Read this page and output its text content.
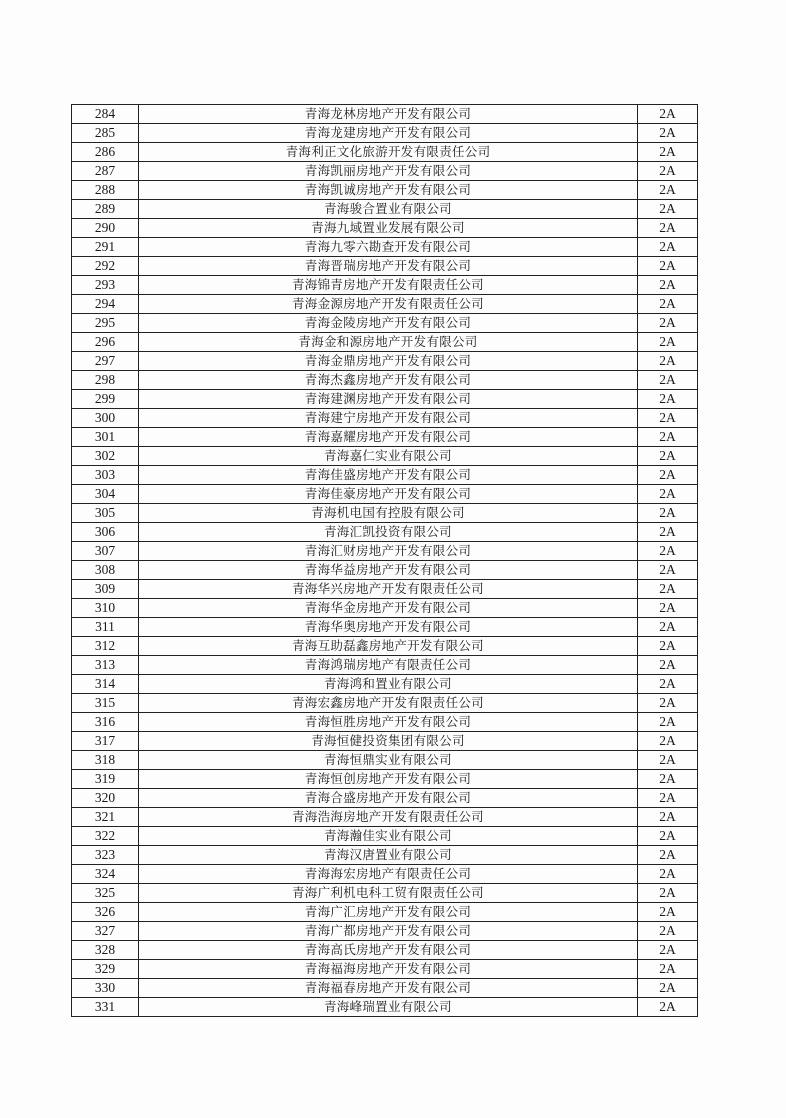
284	青海龙林房地产开发有限公司	2A
285	青海龙建房地产开发有限公司	2A
286	青海利正文化旅游开发有限责任公司	2A
287	青海凯丽房地产开发有限公司	2A
288	青海凯诚房地产开发有限公司	2A
289	青海骏合置业有限公司	2A
290	青海九域置业发展有限公司	2A
291	青海九零六勘查开发有限公司	2A
292	青海晋瑞房地产开发有限公司	2A
293	青海锦青房地产开发有限责任公司	2A
294	青海金源房地产开发有限责任公司	2A
295	青海金陵房地产开发有限公司	2A
296	青海金和源房地产开发有限公司	2A
297	青海金鼎房地产开发有限公司	2A
298	青海杰鑫房地产开发有限公司	2A
299	青海建渊房地产开发有限公司	2A
300	青海建宁房地产开发有限公司	2A
301	青海嘉耀房地产开发有限公司	2A
302	青海嘉仁实业有限公司	2A
303	青海佳盛房地产开发有限公司	2A
304	青海佳豪房地产开发有限公司	2A
305	青海机电国有控股有限公司	2A
306	青海汇凯投资有限公司	2A
307	青海汇财房地产开发有限公司	2A
308	青海华益房地产开发有限公司	2A
309	青海华兴房地产开发有限责任公司	2A
310	青海华金房地产开发有限公司	2A
311	青海华奥房地产开发有限公司	2A
312	青海互助磊鑫房地产开发有限公司	2A
313	青海鸿瑞房地产有限责任公司	2A
314	青海鸿和置业有限公司	2A
315	青海宏鑫房地产开发有限责任公司	2A
316	青海恒胜房地产开发有限公司	2A
317	青海恒健投资集团有限公司	2A
318	青海恒鼎实业有限公司	2A
319	青海恒创房地产开发有限公司	2A
320	青海合盛房地产开发有限公司	2A
321	青海浩海房地产开发有限责任公司	2A
322	青海瀚佳实业有限公司	2A
323	青海汉唐置业有限公司	2A
324	青海海宏房地产有限责任公司	2A
325	青海广利机电科工贸有限责任公司	2A
326	青海广汇房地产开发有限公司	2A
327	青海广都房地产开发有限公司	2A
328	青海高氏房地产开发有限公司	2A
329	青海福海房地产开发有限公司	2A
330	青海福春房地产开发有限公司	2A
331	青海峰瑞置业有限公司	2A
